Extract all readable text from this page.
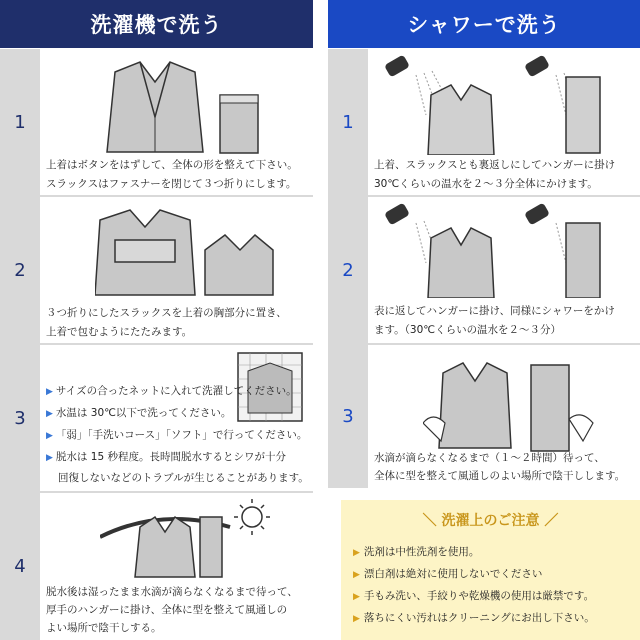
洗濯機で洗う	シャワーで洗う
1
上着はボタンをはずして、全体の形を整えて下さい。
スラックスはファスナーを閉じて３つ折りにします。
2
３つ折りにしたスラックスを上着の胸部分に置き、
上着で包むようにたたみます。
3
▶ サイズの合ったネットに入れて洗濯してください。
▶ 水温は 30℃以下で洗ってください。
▶ 「弱」「手洗いコース」「ソフト」で行ってください。
▶ 脱水は 15 秒程度。長時間脱水するとシワが十分
回復しないなどのトラブルが生じることがあります。
4
脱水後は湿ったまま水滴が滴らなくなるまで待って、
厚手のハンガーに掛け、全体に型を整えて風通しの
よい場所で陰干しする。
1
上着、スラックスとも裏返しにしてハンガーに掛け
30℃くらいの温水を２～３分全体にかけます。
2
表に返してハンガーに掛け、同様にシャワーをかけ
ます。（30℃くらいの温水を２～３分）
3
水滴が滴らなくなるまで（１～２時間）待って、
全体に型を整えて風通しのよい場所で陰干しします。
＼ 洗濯上のご注意 ／
▶ 洗剤は中性洗剤を使用。
▶ 漂白剤は絶対に使用しないでください
▶ 手もみ洗い、手絞りや乾燥機の使用は厳禁です。
▶ 落ちにくい汚れはクリーニングにお出し下さい。
